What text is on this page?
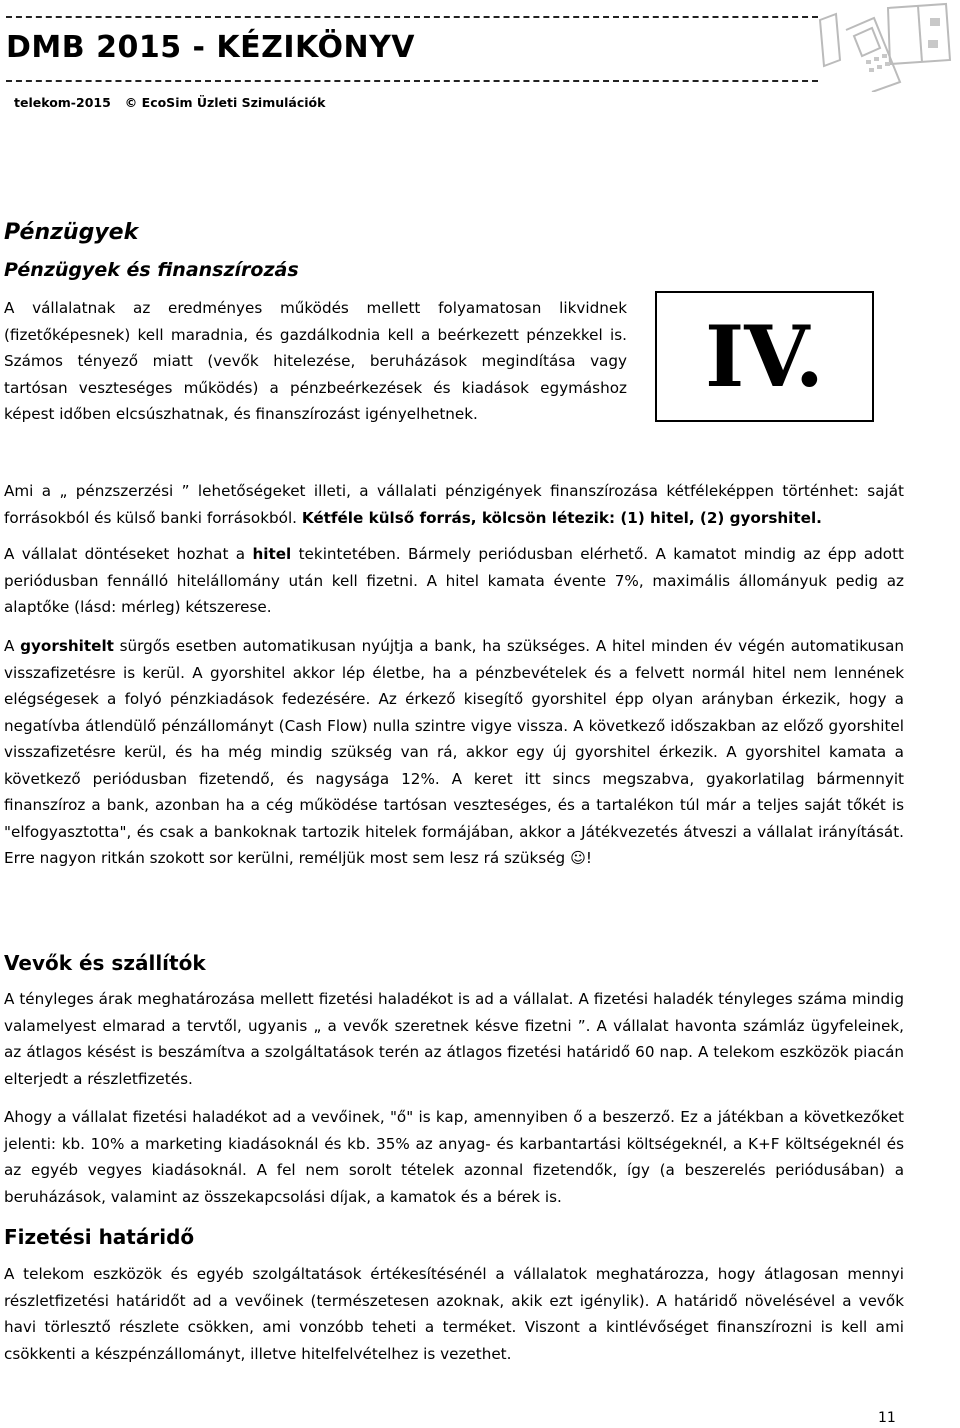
DMB 2015 - KÉZIKÖNYV
telekom-2015 © EcoSim Üzleti Szimulációk
Pénzügyek
Pénzügyek és finanszírozás

A vállalatnak az eredményes működés mellett folyamatosan likvidnek (fizetőképesnek) kell maradnia, és gazdálkodnia kell a beérkezett pénzekkel is. Számos tényező miatt (vevők hitelezése, beruházások megindítása vagy tartósan veszteséges működés) a pénzbeérkezések és kiadások egymáshoz képest időben elcsúszhatnak, és finanszírozást igényelhetnek.

IV.

Ami a „ pénzszerzési ” lehetőségeket illeti, a vállalati pénzigények finanszírozása kétféleképpen történhet: saját forrásokból és külső banki forrásokból. Kétféle külső forrás, kölcsön létezik: (1) hitel, (2) gyorshitel.

A vállalat döntéseket hozhat a hitel tekintetében. Bármely periódusban elérhető. A kamatot mindig az épp adott periódusban fennálló hitelállomány után kell fizetni. A hitel kamata évente 7%, maximális állományuk pedig az alaptőke (lásd: mérleg) kétszerese.

A gyorshitelt sürgős esetben automatikusan nyújtja a bank, ha szükséges. A hitel minden év végén automatikusan visszafizetésre is kerül. A gyorshitel akkor lép életbe, ha a pénzbevételek és a felvett normál hitel nem lennének elégségesek a folyó pénzkiadások fedezésére. Az érkező kisegítő gyorshitel épp olyan arányban érkezik, hogy a negatívba átlendülő pénzállományt (Cash Flow) nulla szintre vigye vissza. A következő időszakban az előző gyorshitel visszafizetésre kerül, és ha még mindig szükség van rá, akkor egy új gyorshitel érkezik. A gyorshitel kamata a következő periódusban fizetendő, és nagysága 12%. A keret itt sincs megszabva, gyakorlatilag bármennyit finanszíroz a bank, azonban ha a cég működése tartósan veszteséges, és a tartalékon túl már a teljes saját tőkét is "elfogyasztotta", és csak a bankoknak tartozik hitelek formájában, akkor a Játékvezetés átveszi a vállalat irányítását. Erre nagyon ritkán szokott sor kerülni, reméljük most sem lesz rá szükség ☺!

Vevők és szállítók

A tényleges árak meghatározása mellett fizetési haladékot is ad a vállalat. A fizetési haladék tényleges száma mindig valamelyest elmarad a tervtől, ugyanis „ a vevők szeretnek késve fizetni ”. A vállalat havonta számláz ügyfeleinek, az átlagos késést is beszámítva a szolgáltatások terén az átlagos fizetési határidő 60 nap. A telekom eszközök piacán elterjedt a részletfizetés.

Ahogy a vállalat fizetési haladékot ad a vevőinek, "ő" is kap, amennyiben ő a beszerző. Ez a játékban a következőket jelenti: kb. 10% a marketing kiadásoknál és kb. 35% az anyag- és karbantartási költségeknél, a K+F költségeknél és az egyéb vegyes kiadásoknál. A fel nem sorolt tételek azonnal fizetendők, így (a beszerelés periódusában) a beruházások, valamint az összekapcsolási díjak, a kamatok és a bérek is.

Fizetési határidő

A telekom eszközök és egyéb szolgáltatások értékesítésénél a vállalatok meghatározza, hogy átlagosan mennyi részletfizetési határidőt ad a vevőinek (természetesen azoknak, akik ezt igénylik). A határidő növelésével a vevők havi törlesztő részlete csökken, ami vonzóbb teheti a terméket. Viszont a kintlévőséget finanszírozni is kell ami csökkenti a készpénzállományt, illetve hitelfelvételhez is vezethet.

11
